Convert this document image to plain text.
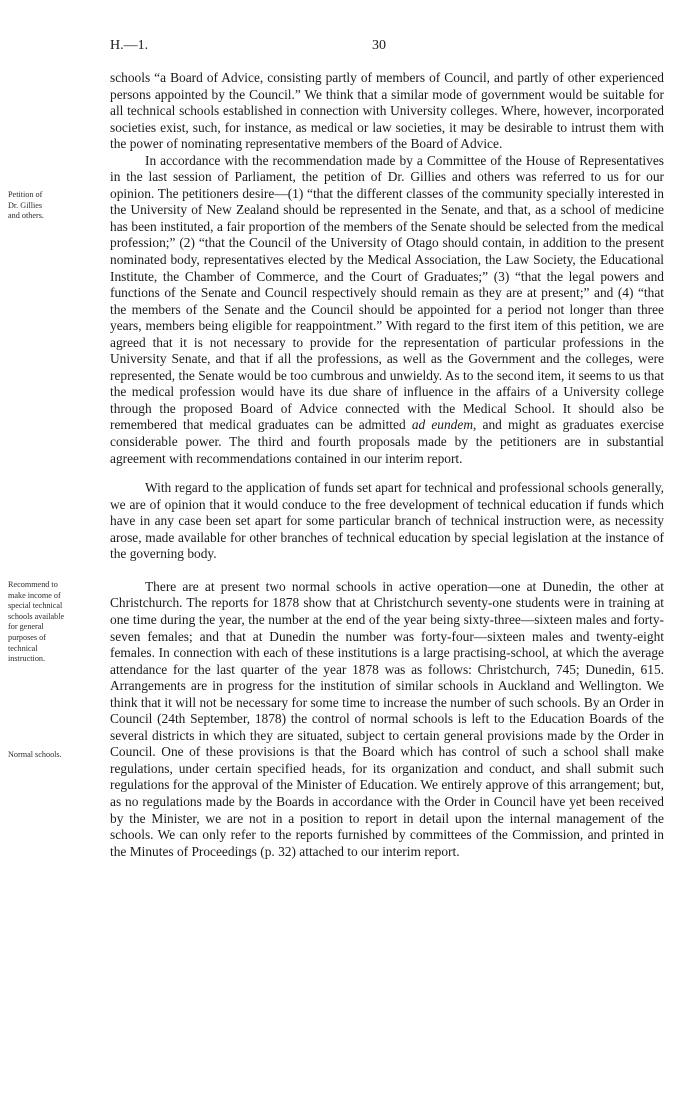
H.—1.	30
Petition of
Dr. Gillies
and others.
Recommend to
make income of
special technical
schools available
for general
purposes of
technical
instruction.
Normal schools.

schools “a Board of Advice, consisting partly of members of Council, and partly of other experienced persons appointed by the Council.” We think that a similar mode of government would be suitable for all technical schools established in connection with University colleges. Where, however, incorporated societies exist, such, for instance, as medical or law societies, it may be desirable to intrust them with the power of nominating representative members of the Board of Advice.

In accordance with the recommendation made by a Committee of the House of Representatives in the last session of Parliament, the petition of Dr. Gillies and others was referred to us for our opinion. The petitioners desire—(1) “that the different classes of the community specially interested in the University of New Zealand should be represented in the Senate, and that, as a school of medicine has been instituted, a fair proportion of the members of the Senate should be selected from the medical profession;” (2) “that the Council of the University of Otago should contain, in addition to the present nominated body, representatives elected by the Medical Association, the Law Society, the Educational Institute, the Chamber of Commerce, and the Court of Graduates;” (3) “that the legal powers and functions of the Senate and Council respectively should remain as they are at present;” and (4) “that the members of the Senate and the Council should be appointed for a period not longer than three years, members being eligible for reappointment.” With regard to the first item of this petition, we are agreed that it is not necessary to provide for the representation of particular professions in the University Senate, and that if all the professions, as well as the Government and the colleges, were represented, the Senate would be too cumbrous and unwieldy. As to the second item, it seems to us that the medical profession would have its due share of influence in the affairs of a University college through the proposed Board of Advice connected with the Medical School. It should also be remembered that medical graduates can be admitted ad eundem, and might as graduates exercise considerable power. The third and fourth proposals made by the petitioners are in substantial agreement with recommendations contained in our interim report.

With regard to the application of funds set apart for technical and professional schools generally, we are of opinion that it would conduce to the free development of technical education if funds which have in any case been set apart for some particular branch of technical instruction were, as necessity arose, made available for other branches of technical education by special legislation at the instance of the governing body.

There are at present two normal schools in active operation—one at Dunedin, the other at Christchurch. The reports for 1878 show that at Christchurch seventy-one students were in training at one time during the year, the number at the end of the year being sixty-three—sixteen males and forty-seven females; and that at Dunedin the number was forty-four—sixteen males and twenty-eight females. In connection with each of these institutions is a large practising-school, at which the average attendance for the last quarter of the year 1878 was as follows: Christchurch, 745; Dunedin, 615. Arrangements are in progress for the institution of similar schools in Auckland and Wellington. We think that it will not be necessary for some time to increase the number of such schools. By an Order in Council (24th September, 1878) the control of normal schools is left to the Education Boards of the several districts in which they are situated, subject to certain general provisions made by the Order in Council. One of these provisions is that the Board which has control of such a school shall make regulations, under certain specified heads, for its organization and conduct, and shall submit such regulations for the approval of the Minister of Education. We entirely approve of this arrangement; but, as no regulations made by the Boards in accordance with the Order in Council have yet been received by the Minister, we are not in a position to report in detail upon the internal management of the schools. We can only refer to the reports furnished by committees of the Commission, and printed in the Minutes of Proceedings (p. 32) attached to our interim report.
